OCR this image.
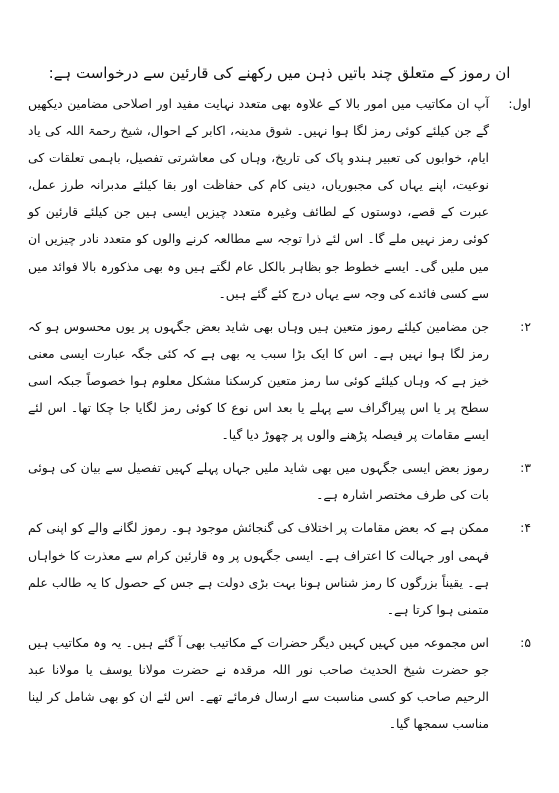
ان رموز کے متعلق چند باتیں ذہن میں رکھنے کی قارئین سے درخواست ہے:
اول:
آپ ان مکاتیب میں امور بالا کے علاوہ بھی متعدد نہایت مفید اور اصلاحی مضامین دیکھیں گے جن کیلئے کوئی رمز لگا ہوا نہیں۔ شوق مدینہ، اکابر کے احوال، شیخ رحمۃ اللہ کی یاد ایام، خوابوں کی تعبیر ہندو پاک کی تاریخ، وہاں کی معاشرتی تفصیل، باہمی تعلقات کی نوعیت، اپنے یہاں کی مجبوریاں، دینی کام کی حفاظت اور بقا کیلئے مدبرانہ طرز عمل، عبرت کے قصے، دوستوں کے لطائف وغیرہ متعدد چیزیں ایسی ہیں جن کیلئے قارئین کو کوئی رمز نہیں ملے گا۔ اس لئے ذرا توجہ سے مطالعہ کرنے والوں کو متعدد نادر چیزیں ان میں ملیں گی۔ ایسے خطوط جو بظاہر بالکل عام لگتے ہیں وہ بھی مذکورہ بالا فوائد میں سے کسی فائدے کی وجہ سے یہاں درج کئے گئے ہیں۔
۲:
جن مضامین کیلئے رموز متعین ہیں وہاں بھی شاید بعض جگہوں پر یوں محسوس ہو کہ رمز لگا ہوا نہیں ہے۔ اس کا ایک بڑا سبب یہ بھی ہے کہ کئی جگہ عبارت ایسی معنی خیز ہے کہ وہاں کیلئے کوئی سا رمز متعین کرسکنا مشکل معلوم ہوا خصوصاً جبکہ اسی سطح پر یا اس پیراگراف سے پہلے یا بعد اس نوع کا کوئی رمز لگایا جا چکا تھا۔ اس لئے ایسے مقامات پر فیصلہ پڑھنے والوں پر چھوڑ دیا گیا۔
۳:
رموز بعض ایسی جگہوں میں بھی شاید ملیں جہاں پہلے کہیں تفصیل سے بیان کی ہوئی بات کی طرف مختصر اشارہ ہے۔
۴:
ممکن ہے کہ بعض مقامات پر اختلاف کی گنجائش موجود ہو۔ رموز لگانے والے کو اپنی کم فہمی اور جہالت کا اعتراف ہے۔ ایسی جگہوں پر وہ قارئین کرام سے معذرت کا خواہاں ہے۔ یقیناً بزرگوں کا رمز شناس ہونا بہت بڑی دولت ہے جس کے حصول کا یہ طالب علم متمنی ہوا کرتا ہے۔
۵:
اس مجموعہ میں کہیں کہیں دیگر حضرات کے مکاتیب بھی آ گئے ہیں۔ یہ وہ مکاتیب ہیں جو حضرت شیخ الحدیث صاحب نور اللہ مرقدہ نے حضرت مولانا یوسف یا مولانا عبد الرحیم صاحب کو کسی مناسبت سے ارسال فرمائے تھے۔ اس لئے ان کو بھی شامل کر لینا مناسب سمجھا گیا۔
